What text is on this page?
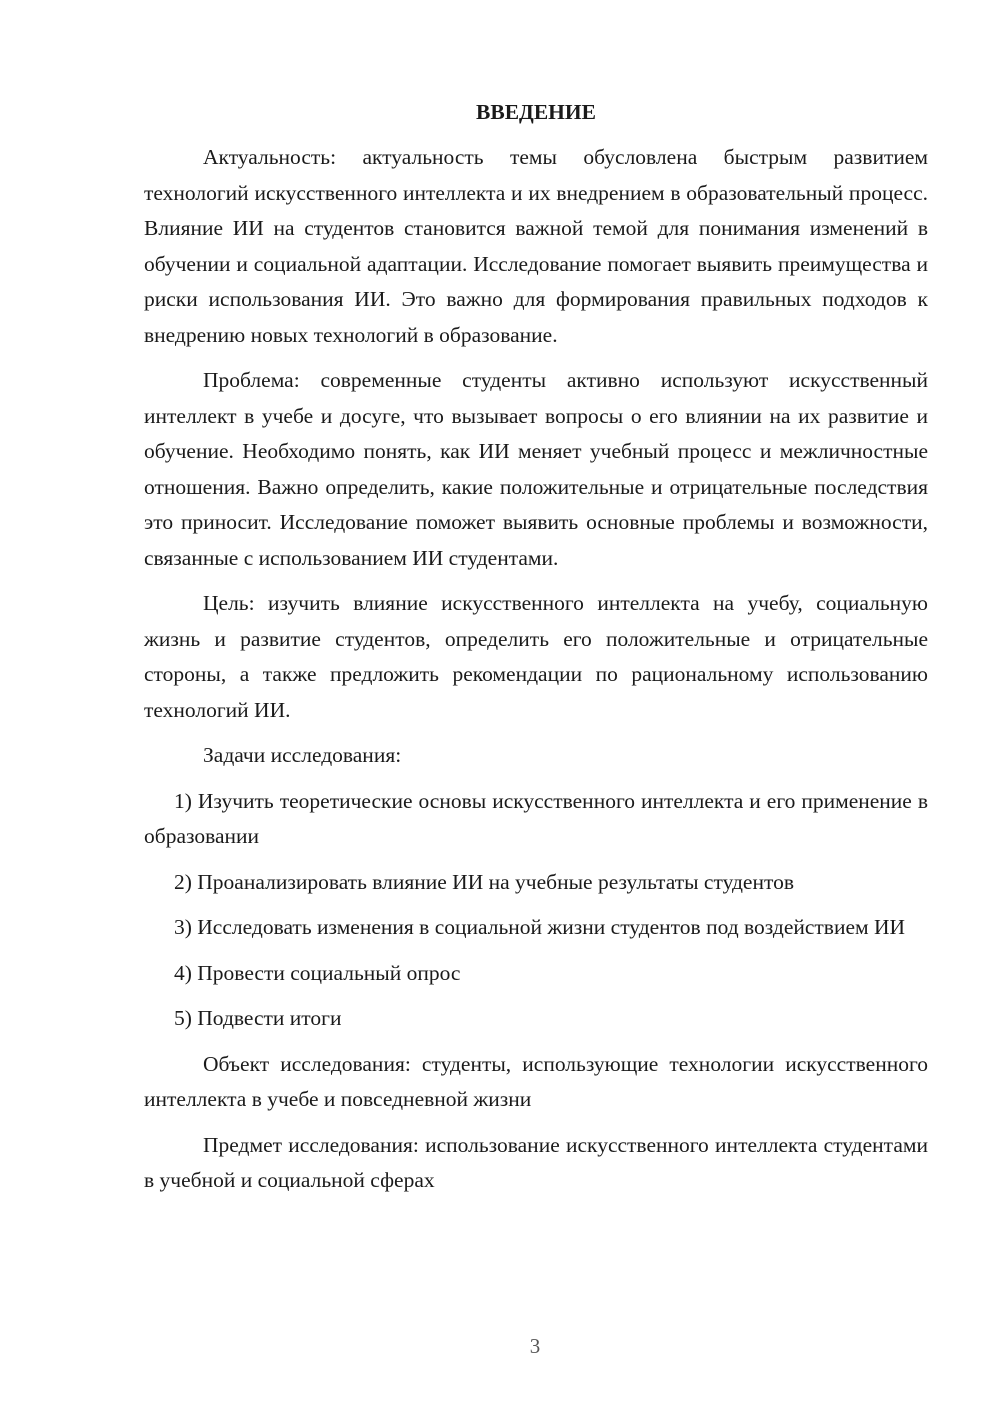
ВВЕДЕНИЕ

Актуальность: актуальность темы обусловлена быстрым развитием технологий искусственного интеллекта и их внедрением в образовательный процесс. Влияние ИИ на студентов становится важной темой для понимания изменений в обучении и социальной адаптации. Исследование помогает выявить преимущества и риски использования ИИ. Это важно для формирования правильных подходов к внедрению новых технологий в образование.

Проблема: современные студенты активно используют искусственный интеллект в учебе и досуге, что вызывает вопросы о его влиянии на их развитие и обучение. Необходимо понять, как ИИ меняет учебный процесс и межличностные отношения. Важно определить, какие положительные и отрицательные последствия это приносит. Исследование поможет выявить основные проблемы и возможности, связанные с использованием ИИ студентами.

Цель: изучить влияние искусственного интеллекта на учебу, социальную жизнь и развитие студентов, определить его положительные и отрицательные стороны, а также предложить рекомендации по рациональному использованию технологий ИИ.

Задачи исследования:

1) Изучить теоретические основы искусственного интеллекта и его применение в образовании

2) Проанализировать влияние ИИ на учебные результаты студентов

3) Исследовать изменения в социальной жизни студентов под воздействием ИИ

4) Провести социальный опрос

5) Подвести итоги

Объект исследования: студенты, использующие технологии искусственного интеллекта в учебе и повседневной жизни

Предмет исследования: использование искусственного интеллекта студентами в учебной и социальной сферах

3
